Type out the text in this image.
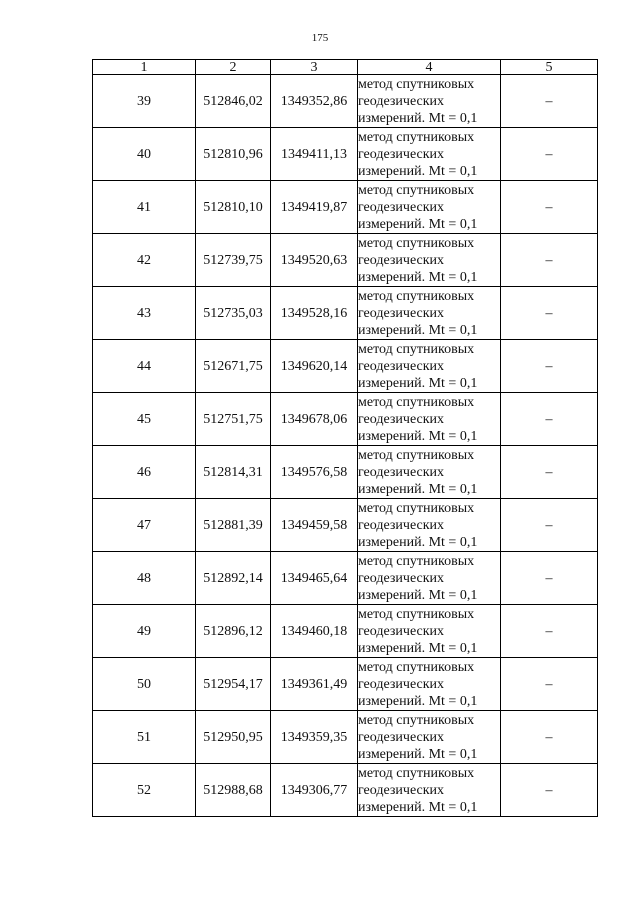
175
1	2	3	4	5
39	512846,02	1349352,86	метод спутниковых
геодезических
измерений. Mt = 0,1	–
40	512810,96	1349411,13	метод спутниковых
геодезических
измерений. Mt = 0,1	–
41	512810,10	1349419,87	метод спутниковых
геодезических
измерений. Mt = 0,1	–
42	512739,75	1349520,63	метод спутниковых
геодезических
измерений. Mt = 0,1	–
43	512735,03	1349528,16	метод спутниковых
геодезических
измерений. Mt = 0,1	–
44	512671,75	1349620,14	метод спутниковых
геодезических
измерений. Mt = 0,1	–
45	512751,75	1349678,06	метод спутниковых
геодезических
измерений. Mt = 0,1	–
46	512814,31	1349576,58	метод спутниковых
геодезических
измерений. Mt = 0,1	–
47	512881,39	1349459,58	метод спутниковых
геодезических
измерений. Mt = 0,1	–
48	512892,14	1349465,64	метод спутниковых
геодезических
измерений. Mt = 0,1	–
49	512896,12	1349460,18	метод спутниковых
геодезических
измерений. Mt = 0,1	–
50	512954,17	1349361,49	метод спутниковых
геодезических
измерений. Mt = 0,1	–
51	512950,95	1349359,35	метод спутниковых
геодезических
измерений. Mt = 0,1	–
52	512988,68	1349306,77	метод спутниковых
геодезических
измерений. Mt = 0,1	–
